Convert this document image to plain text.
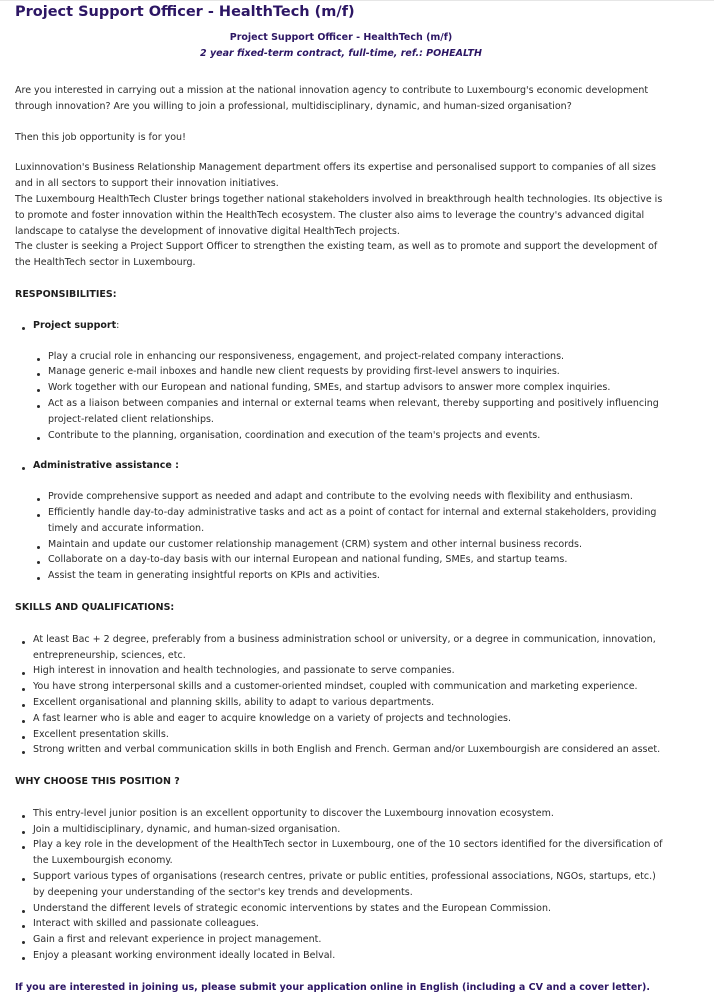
Project Support Officer - HealthTech (m/f)
Project Support Officer - HealthTech (m/f)
2 year fixed-term contract, full-time, ref.: POHEALTH

Are you interested in carrying out a mission at the national innovation agency to contribute to Luxembourg's economic development through innovation? Are you willing to join a professional, multidisciplinary, dynamic, and human-sized organisation?

Then this job opportunity is for you!

Luxinnovation's Business Relationship Management department offers its expertise and personalised support to companies of all sizes and in all sectors to support their innovation initiatives.

The Luxembourg HealthTech Cluster brings together national stakeholders involved in breakthrough health technologies. Its objective is to promote and foster innovation within the HealthTech ecosystem. The cluster also aims to leverage the country's advanced digital landscape to catalyse the development of innovative digital HealthTech projects.

The cluster is seeking a Project Support Officer to strengthen the existing team, as well as to promote and support the development of the HealthTech sector in Luxembourg.

RESPONSIBILITIES:
Project support:
Play a crucial role in enhancing our responsiveness, engagement, and project-related company interactions.
Manage generic e-mail inboxes and handle new client requests by providing first-level answers to inquiries.
Work together with our European and national funding, SMEs, and startup advisors to answer more complex inquiries.
Act as a liaison between companies and internal or external teams when relevant, thereby supporting and positively influencing project-related client relationships.
Contribute to the planning, organisation, coordination and execution of the team's projects and events.
Administrative assistance :
Provide comprehensive support as needed and adapt and contribute to the evolving needs with flexibility and enthusiasm.
Efficiently handle day-to-day administrative tasks and act as a point of contact for internal and external stakeholders, providing timely and accurate information.
Maintain and update our customer relationship management (CRM) system and other internal business records.
Collaborate on a day-to-day basis with our internal European and national funding, SMEs, and startup teams.
Assist the team in generating insightful reports on KPIs and activities.
SKILLS AND QUALIFICATIONS:
At least Bac + 2 degree, preferably from a business administration school or university, or a degree in communication, innovation, entrepreneurship, sciences, etc.
High interest in innovation and health technologies, and passionate to serve companies.
You have strong interpersonal skills and a customer-oriented mindset, coupled with communication and marketing experience.
Excellent organisational and planning skills, ability to adapt to various departments.
A fast learner who is able and eager to acquire knowledge on a variety of projects and technologies.
Excellent presentation skills.
Strong written and verbal communication skills in both English and French. German and/or Luxembourgish are considered an asset.
WHY CHOOSE THIS POSITION ?
This entry-level junior position is an excellent opportunity to discover the Luxembourg innovation ecosystem.
Join a multidisciplinary, dynamic, and human-sized organisation.
Play a key role in the development of the HealthTech sector in Luxembourg, one of the 10 sectors identified for the diversification of the Luxembourgish economy.
Support various types of organisations (research centres, private or public entities, professional associations, NGOs, startups, etc.) by deepening your understanding of the sector's key trends and developments.
Understand the different levels of strategic economic interventions by states and the European Commission.
Interact with skilled and passionate colleagues.
Gain a first and relevant experience in project management.
Enjoy a pleasant working environment ideally located in Belval.
If you are interested in joining us, please submit your application online in English (including a CV and a cover letter).
